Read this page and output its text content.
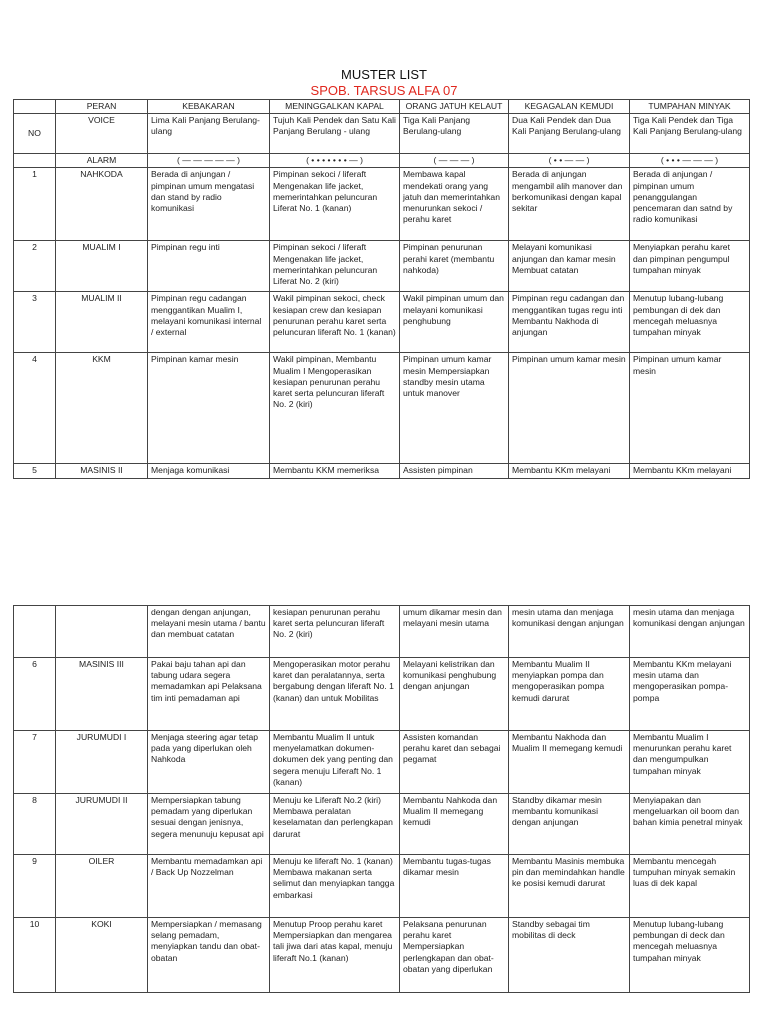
MUSTER LIST
SPOB. TARSUS ALFA 07
	PERAN	KEBAKARAN	MENINGGALKAN KAPAL	ORANG JATUH KELAUT	KEGAGALAN KEMUDI	TUMPAHAN MINYAK
NO	VOICE	Lima Kali Panjang Berulang-ulang	Tujuh Kali Pendek dan Satu Kali Panjang Berulang - ulang	Tiga Kali Panjang Berulang-ulang	Dua Kali Pendek dan Dua Kali Panjang Berulang-ulang	Tiga Kali Pendek dan Tiga Kali Panjang Berulang-ulang
	ALARM	( — — — — — )	( • • • • • • • — )	( — — — )	( • • — — )	( • • • — — — )
1	NAHKODA	Berada di anjungan / pimpinan umum mengatasi dan stand by radio komunikasi	Pimpinan sekoci / liferaft Mengenakan life jacket, memerintahkan peluncuran Liferat No. 1 (kanan)	Membawa kapal mendekati orang yang jatuh dan memerintahkan menurunkan sekoci / perahu karet	Berada di anjungan mengambil alih manover dan berkomunikasi dengan kapal sekitar	Berada di anjungan / pimpinan umum penanggulangan pencemaran dan satnd by radio komunikasi
2	MUALIM I	Pimpinan regu inti	Pimpinan sekoci / liferaft Mengenakan life jacket, memerintahkan peluncuran Liferat No. 2 (kiri)	Pimpinan penurunan perahi karet (membantu nahkoda)	Melayani komunikasi anjungan dan kamar mesin Membuat catatan	Menyiapkan perahu karet dan pimpinan pengumpul tumpahan minyak
3	MUALIM II	Pimpinan regu cadangan menggantikan Mualim I, melayani komunikasi internal / external	Wakil pimpinan sekoci, check kesiapan crew dan kesiapan penurunan perahu karet serta peluncuran liferaft No. 1 (kanan)	Wakil pimpinan umum dan melayani komunikasi penghubung	Pimpinan regu cadangan dan menggantikan tugas regu inti Membantu Nakhoda di anjungan	Menutup lubang-lubang pembungan di dek dan mencegah meluasnya tumpahan minyak
4	KKM	Pimpinan kamar mesin	Wakil pimpinan, Membantu Mualim I Mengoperasikan kesiapan penurunan perahu karet serta peluncuran liferaft No. 2 (kiri)	Pimpinan umum kamar mesin Mempersiapkan standby mesin utama untuk manover	Pimpinan umum kamar mesin	Pimpinan umum kamar mesin
5	MASINIS II	Menjaga komunikasi	Membantu KKM memeriksa	Assisten pimpinan	Membantu KKm melayani	Membantu KKm melayani
		dengan dengan anjungan, melayani mesin utama / bantu dan membuat catatan	kesiapan penurunan perahu karet serta peluncuran liferaft No. 2 (kiri)	umum dikamar mesin dan melayani mesin utama	mesin utama dan menjaga komunikasi dengan anjungan	mesin utama dan menjaga komunikasi dengan anjungan
6	MASINIS III	Pakai baju tahan api dan tabung udara segera memadamkan api Pelaksana tim inti pemadaman api	Mengoperasikan motor perahu karet dan peralatannya, serta bergabung dengan liferaft No. 1 (kanan) dan untuk Mobilitas	Melayani kelistrikan dan komunikasi penghubung dengan anjungan	Membantu Mualim II menyiapkan pompa dan mengoperasikan pompa kemudi darurat	Membantu KKm melayani mesin utama dan mengoperasikan pompa-pompa
7	JURUMUDI I	Menjaga steering agar tetap pada yang diperlukan oleh Nahkoda	Membantu Mualim II untuk menyelamatkan dokumen-dokumen dek yang penting dan segera menuju Liferaft No. 1 (kanan)	Assisten komandan perahu karet dan sebagai pegamat	Membantu Nakhoda dan Mualim II memegang kemudi	Membantu Mualim I menurunkan perahu karet dan mengumpulkan tumpahan minyak
8	JURUMUDI II	Mempersiapkan tabung pemadam yang diperlukan sesuai dengan jenisnya, segera menunuju kepusat api	Menuju ke Liferaft No.2 (kiri) Membawa peralatan keselamatan dan perlengkapan darurat	Membantu Nahkoda dan Mualim II memegang kemudi	Standby dikamar mesin membantu komunikasi dengan anjungan	Menyiapakan dan mengeluarkan oil boom dan bahan kimia penetral minyak
9	OILER	Membantu memadamkan api / Back Up Nozzelman	Menuju ke liferaft No. 1 (kanan) Membawa makanan serta selimut dan menyiapkan tangga embarkasi	Membantu tugas-tugas dikamar mesin	Membantu Masinis membuka pin dan memindahkan handle ke posisi kemudi darurat	Membantu mencegah tumpuhan minyak semakin luas di dek kapal
10	KOKI	Mempersiapkan / memasang selang pemadam, menyiapkan tandu dan obat-obatan	Menutup Proop perahu karet Mempersiapkan dan mengarea tali jiwa dari atas kapal, menuju liferaft No.1 (kanan)	Pelaksana penurunan perahu karet Mempersiapkan perlengkapan dan obat-obatan yang diperlukan	Standby sebagai tim mobilitas di deck	Menutup lubang-lubang pembungan di deck dan mencegah meluasnya tumpahan minyak
